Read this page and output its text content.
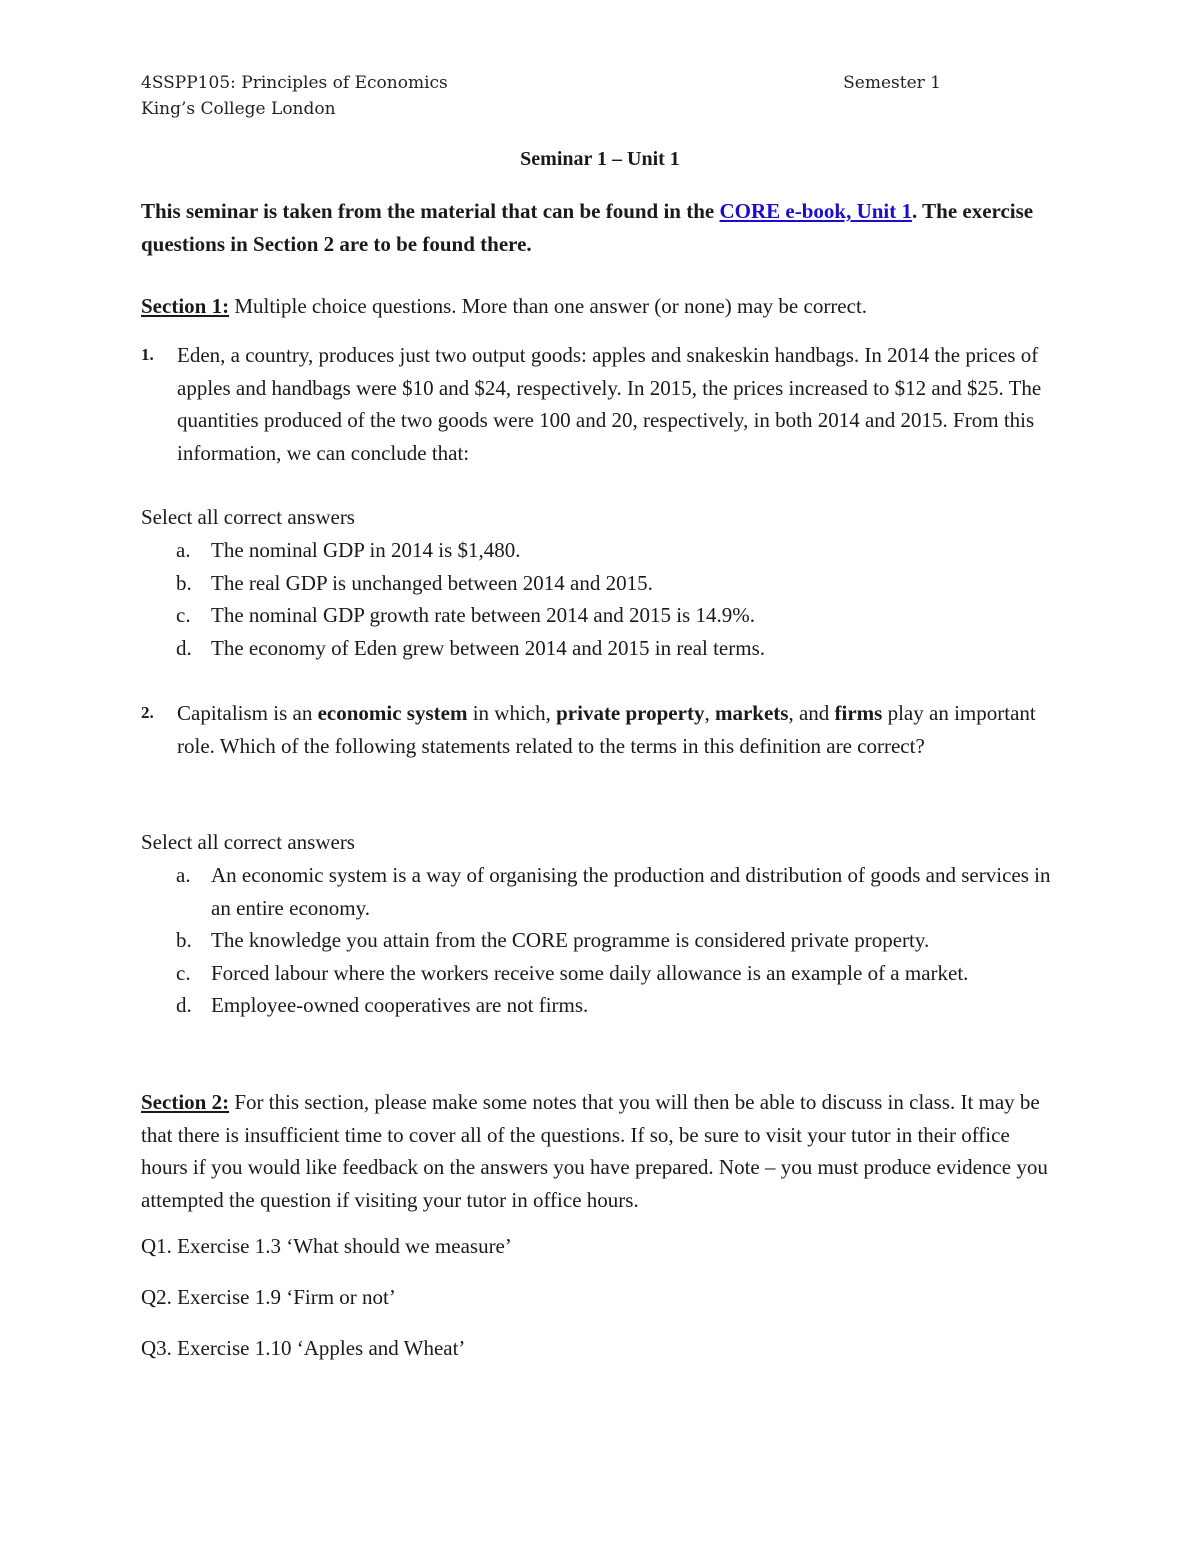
4SSPP105: Principles of Economics	Semester 1
King’s College London
Seminar 1 – Unit 1
This seminar is taken from the material that can be found in the CORE e-book, Unit 1. The exercise questions in Section 2 are to be found there.
Section 1: Multiple choice questions. More than one answer (or none) may be correct.
1. Eden, a country, produces just two output goods: apples and snakeskin handbags. In 2014 the prices of apples and handbags were $10 and $24, respectively. In 2015, the prices increased to $12 and $25. The quantities produced of the two goods were 100 and 20, respectively, in both 2014 and 2015. From this information, we can conclude that:
Select all correct answers
a. The nominal GDP in 2014 is $1,480.
b. The real GDP is unchanged between 2014 and 2015.
c. The nominal GDP growth rate between 2014 and 2015 is 14.9%.
d. The economy of Eden grew between 2014 and 2015 in real terms.
2. Capitalism is an economic system in which, private property, markets, and firms play an important role. Which of the following statements related to the terms in this definition are correct?
Select all correct answers
a. An economic system is a way of organising the production and distribution of goods and services in an entire economy.
b. The knowledge you attain from the CORE programme is considered private property.
c. Forced labour where the workers receive some daily allowance is an example of a market.
d. Employee-owned cooperatives are not firms.
Section 2: For this section, please make some notes that you will then be able to discuss in class. It may be that there is insufficient time to cover all of the questions. If so, be sure to visit your tutor in their office hours if you would like feedback on the answers you have prepared. Note – you must produce evidence you attempted the question if visiting your tutor in office hours.
Q1. Exercise 1.3 ‘What should we measure’
Q2. Exercise 1.9 ‘Firm or not’
Q3. Exercise 1.10 ‘Apples and Wheat’
